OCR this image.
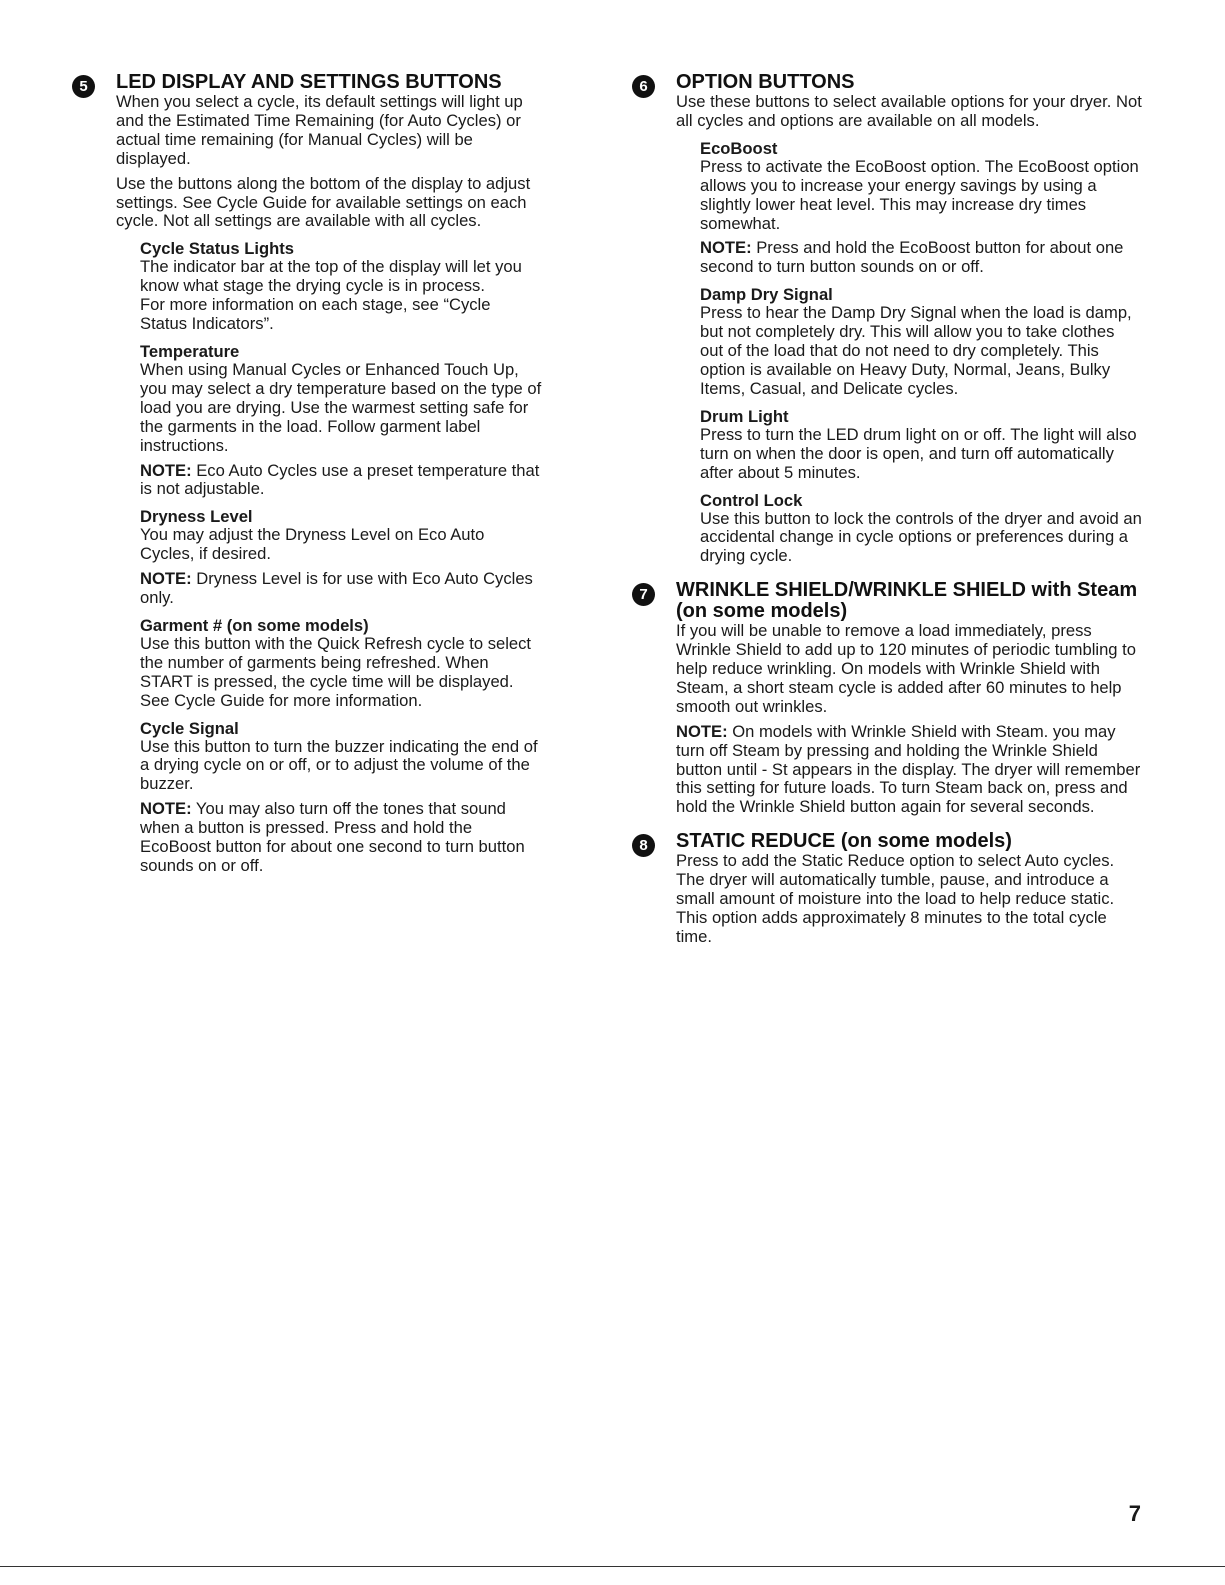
5	LED DISPLAY AND SETTINGS BUTTONS

When you select a cycle, its default settings will light up and the Estimated Time Remaining (for Auto Cycles) or actual time remaining (for Manual Cycles) will be displayed.

Use the buttons along the bottom of the display to adjust settings. See Cycle Guide for available settings on each cycle. Not all settings are available with all cycles.

Cycle Status Lights

The indicator bar at the top of the display will let you know what stage the drying cycle is in process.

For more information on each stage, see “Cycle Status Indicators”.

Temperature

When using Manual Cycles or Enhanced Touch Up, you may select a dry temperature based on the type of load you are drying. Use the warmest setting safe for the garments in the load. Follow garment label instructions.

NOTE: Eco Auto Cycles use a preset temperature that is not adjustable.

Dryness Level

You may adjust the Dryness Level on Eco Auto Cycles, if desired.

NOTE: Dryness Level is for use with Eco Auto Cycles only.

Garment # (on some models)

Use this button with the Quick Refresh cycle to select the number of garments being refreshed. When START is pressed, the cycle time will be displayed. See Cycle Guide for more information.

Cycle Signal

Use this button to turn the buzzer indicating the end of a drying cycle on or off, or to adjust the volume of the buzzer.

NOTE: You may also turn off the tones that sound when a button is pressed. Press and hold the EcoBoost button for about one second to turn button sounds on or off.

6	OPTION BUTTONS

Use these buttons to select available options for your dryer. Not all cycles and options are available on all models.

EcoBoost

Press to activate the EcoBoost option. The EcoBoost option allows you to increase your energy savings by using a slightly lower heat level. This may increase dry times somewhat.

NOTE: Press and hold the EcoBoost button for about one second to turn button sounds on or off.

Damp Dry Signal

Press to hear the Damp Dry Signal when the load is damp, but not completely dry. This will allow you to take clothes out of the load that do not need to dry completely. This option is available on Heavy Duty, Normal, Jeans, Bulky Items, Casual, and Delicate cycles.

Drum Light

Press to turn the LED drum light on or off. The light will also turn on when the door is open, and turn off automatically after about 5 minutes.

Control Lock

Use this button to lock the controls of the dryer and avoid an accidental change in cycle options or preferences during a drying cycle.

7	WRINKLE SHIELD/WRINKLE SHIELD with Steam (on some models)

If you will be unable to remove a load immediately, press Wrinkle Shield to add up to 120 minutes of periodic tumbling to help reduce wrinkling. On models with Wrinkle Shield with Steam, a short steam cycle is added after 60 minutes to help smooth out wrinkles.

NOTE: On models with Wrinkle Shield with Steam. you may turn off Steam by pressing and holding the Wrinkle Shield button until - St appears in the display. The dryer will remember this setting for future loads. To turn Steam back on, press and hold the Wrinkle Shield button again for several seconds.

8	STATIC REDUCE (on some models)

Press to add the Static Reduce option to select Auto cycles. The dryer will automatically tumble, pause, and introduce a small amount of moisture into the load to help reduce static. This option adds approximately 8 minutes to the total cycle time.

7
